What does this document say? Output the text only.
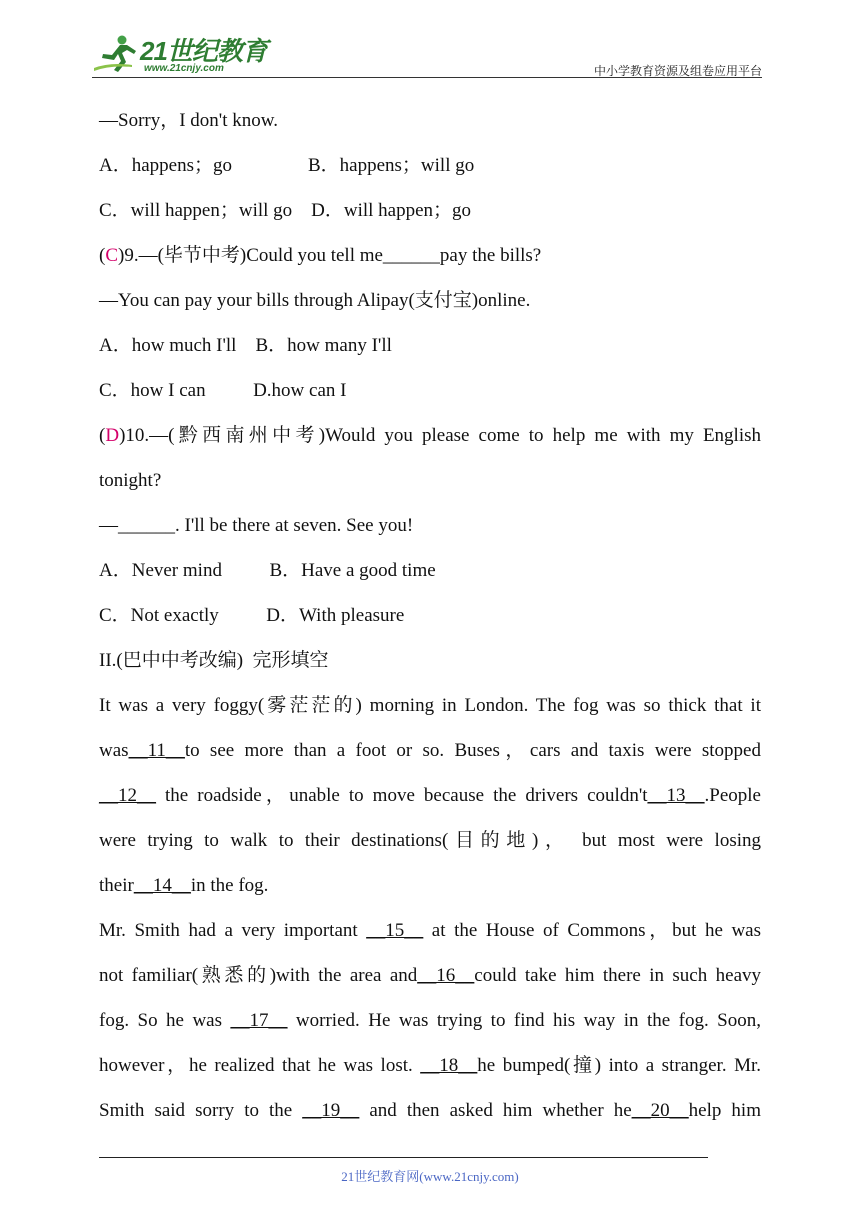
21世纪教育
www.21cnjy.com	中小学教育资源及组卷应用平台
—Sorry，I don't know.
A．happens；go                B．happens；will go
C．will happen；will go    D．will happen；go
(C)9.—(毕节中考)Could you tell me______pay the bills?
—You can pay your bills through Alipay(支付宝)online.
A．how much I'll    B．how many I'll
C．how I can          D.how can I
(D)10.—(黔西南州中考)Would you please come to help me with my English
tonight?
—______. I'll be there at seven. See you!
A．Never mind          B．Have a good time
C．Not exactly          D．With pleasure
II.(巴中中考改编)  完形填空
It was a very foggy(雾茫茫的) morning in London. The fog was so thick that it
was__11__to see more than a foot or so. Buses，cars and taxis were stopped
__12__ the roadside，unable to move because the drivers couldn't__13__.People
were trying to walk to their destinations(目的地)， but most were losing
their__14__in the fog.
Mr. Smith had a very important __15__ at the House of Commons，but he was
not familiar(熟悉的)with the area and__16__could take him there in such heavy
fog. So he was __17__ worried. He was trying to find his way in the fog. Soon,
however，he realized that he was lost. __18__he bumped(撞) into a stranger. Mr.
Smith said sorry to the __19__ and then asked him whether he__20__help him
21世纪教育网(www.21cnjy.com)
